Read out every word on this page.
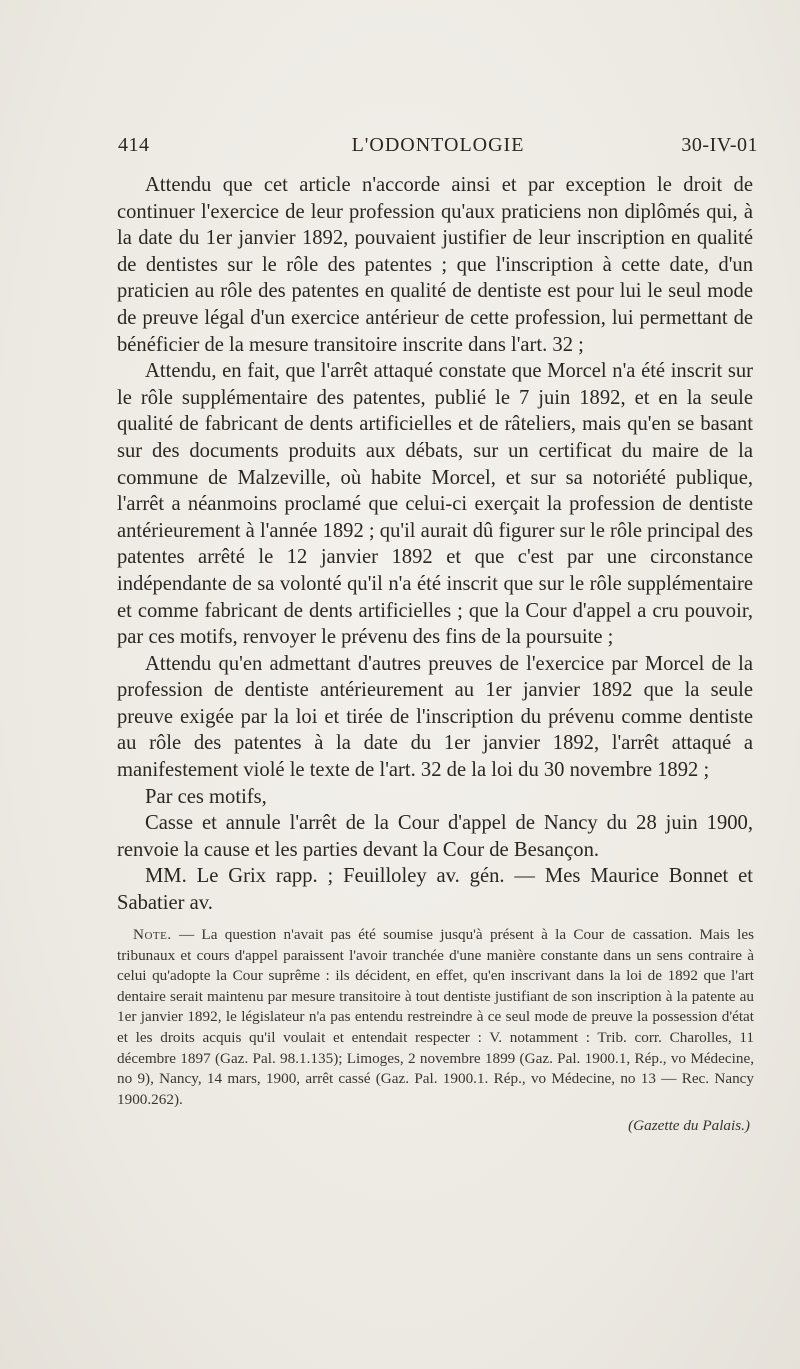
414	L'ODONTOLOGIE	30-IV-01

Attendu que cet article n'accorde ainsi et par exception le droit de continuer l'exercice de leur profession qu'aux praticiens non diplômés qui, à la date du 1er janvier 1892, pouvaient justifier de leur inscription en qualité de dentistes sur le rôle des patentes ; que l'inscription à cette date, d'un praticien au rôle des patentes en qualité de dentiste est pour lui le seul mode de preuve légal d'un exercice antérieur de cette profession, lui permettant de bénéficier de la mesure transitoire inscrite dans l'art. 32 ;

Attendu, en fait, que l'arrêt attaqué constate que Morcel n'a été inscrit sur le rôle supplémentaire des patentes, publié le 7 juin 1892, et en la seule qualité de fabricant de dents artificielles et de râteliers, mais qu'en se basant sur des documents produits aux débats, sur un certificat du maire de la commune de Malzeville, où habite Morcel, et sur sa notoriété publique, l'arrêt a néanmoins proclamé que celui-ci exerçait la profession de dentiste antérieurement à l'année 1892 ; qu'il aurait dû figurer sur le rôle principal des patentes arrêté le 12 janvier 1892 et que c'est par une circonstance indépendante de sa volonté qu'il n'a été inscrit que sur le rôle supplémentaire et comme fabricant de dents artificielles ; que la Cour d'appel a cru pouvoir, par ces motifs, renvoyer le prévenu des fins de la poursuite ;

Attendu qu'en admettant d'autres preuves de l'exercice par Morcel de la profession de dentiste antérieurement au 1er janvier 1892 que la seule preuve exigée par la loi et tirée de l'inscription du prévenu comme dentiste au rôle des patentes à la date du 1er janvier 1892, l'arrêt attaqué a manifestement violé le texte de l'art. 32 de la loi du 30 novembre 1892 ;

Par ces motifs,

Casse et annule l'arrêt de la Cour d'appel de Nancy du 28 juin 1900, renvoie la cause et les parties devant la Cour de Besançon.

MM. Le Grix rapp. ; Feuilloley av. gén. — Mes Maurice Bonnet et Sabatier av.

Note. — La question n'avait pas été soumise jusqu'à présent à la Cour de cassation. Mais les tribunaux et cours d'appel paraissent l'avoir tranchée d'une manière constante dans un sens contraire à celui qu'adopte la Cour suprême : ils décident, en effet, qu'en inscrivant dans la loi de 1892 que l'art dentaire serait maintenu par mesure transitoire à tout dentiste justifiant de son inscription à la patente au 1er janvier 1892, le législateur n'a pas entendu restreindre à ce seul mode de preuve la possession d'état et les droits acquis qu'il voulait et entendait respecter : V. notamment : Trib. corr. Charolles, 11 décembre 1897 (Gaz. Pal. 98.1.135); Limoges, 2 novembre 1899 (Gaz. Pal. 1900.1, Rép., vo Médecine, no 9), Nancy, 14 mars, 1900, arrêt cassé (Gaz. Pal. 1900.1. Rép., vo Médecine, no 13 — Rec. Nancy 1900.262).

(Gazette du Palais.)
